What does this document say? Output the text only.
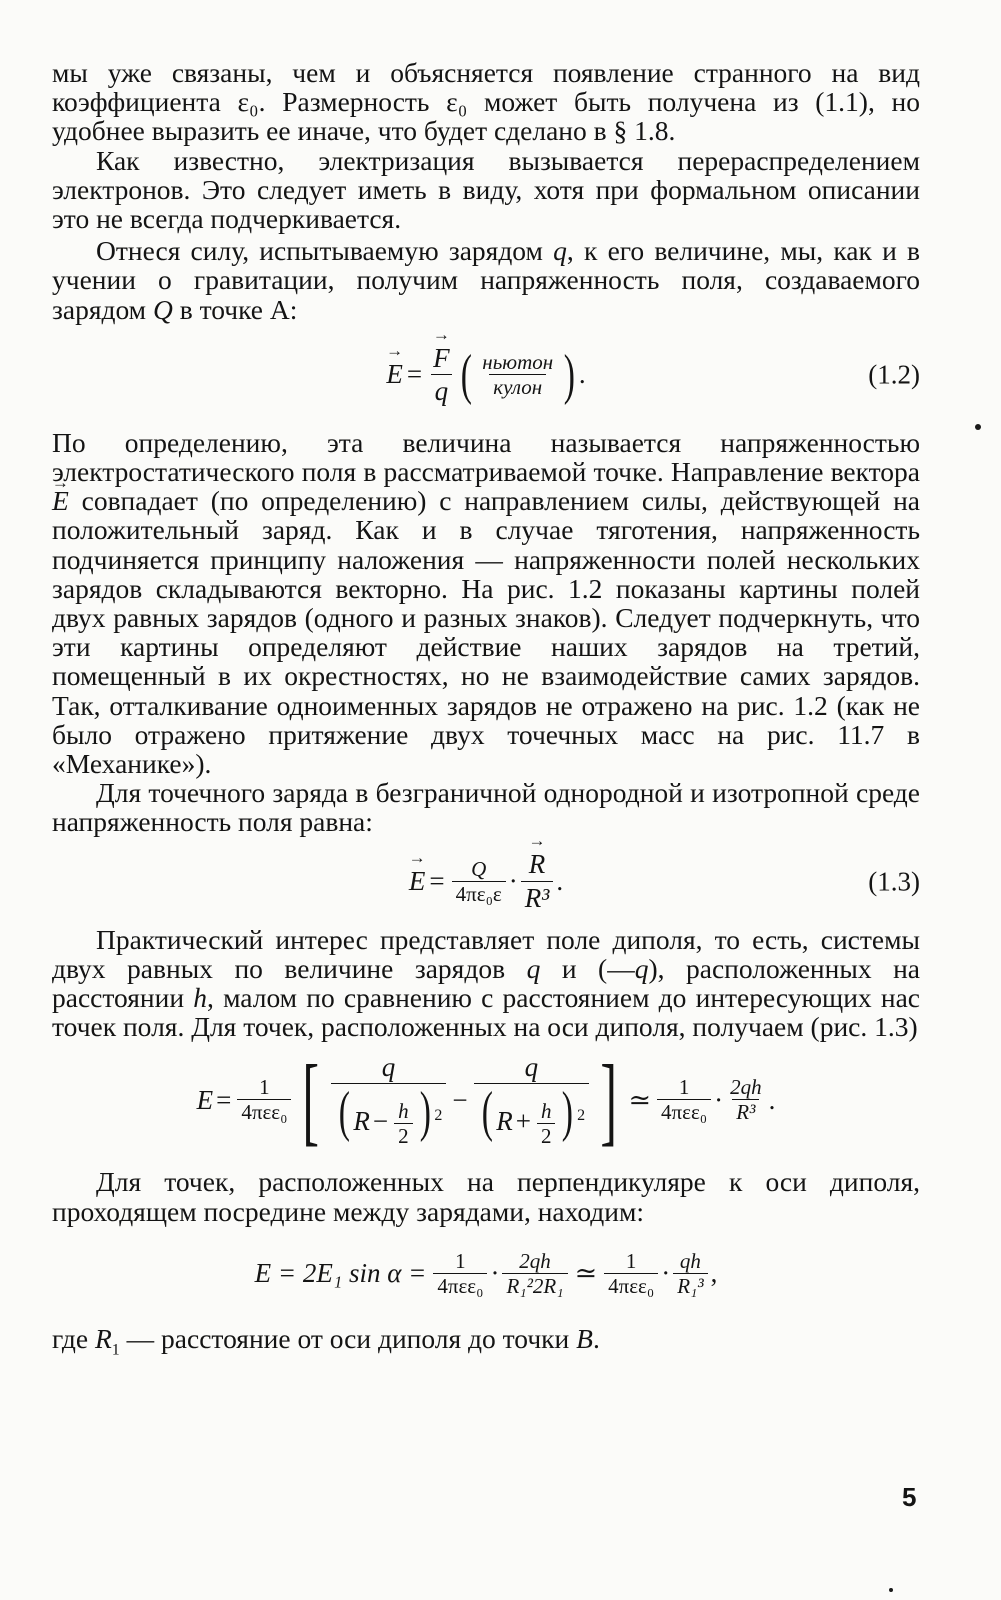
мы уже связаны, чем и объясняется появление странного на вид коэффициента ε₀. Размерность ε₀ может быть получена из (1.1), но удобнее выразить ее иначе, что будет сделано в § 1.8.

Как известно, электризация вызывается перераспределением электронов. Это следует иметь в виду, хотя при формальном описании это не всегда подчеркивается.

Отнеся силу, испытываемую зарядом q, к его величине, мы, как и в учении о гравитации, получим напряженность поля, создаваемого зарядом Q в точке A:

→ E = → $\frac{F}{q}$ ( $\frac{\text{ньютон}}{\text{кулон}}$ ) .	(1.2)

По определению, эта величина называется напряженностью электростатического поля в рассматриваемой точке. Направление вектора → E совпадает (по определению) с направлением силы, действующей на положительный заряд. Как и в случае тяготения, напряженность подчиняется принципу наложения — напряженности полей нескольких зарядов складываются векторно. На рис. 1.2 показаны картины полей двух равных зарядов (одного и разных знаков). Следует подчеркнуть, что эти картины определяют действие наших зарядов на третий, помещенный в их окрестностях, но не взаимодействие самих зарядов. Так, отталкивание одноименных зарядов не отражено на рис. 1.2 (как не было отражено притяжение двух точечных масс на рис. 11.7 в «Механике»).

Для точечного заряда в безграничной однородной и изотропной среде напряженность поля равна:

→ $E = \frac{Q}{\text{4πε₀ε}}$ · → $\frac{R}{\text{R³}}$ .	(1.3)

Практический интерес представляет поле диполя, то есть, системы двух равных по величине зарядов q и (—q), расположенных на расстоянии h, малом по сравнению с расстоянием до интересующих нас точек поля. Для точек, расположенных на оси диполя, получаем (рис. 1.3)

$E = \frac{1}{\text{4πεε₀}}$ [ $\frac{q}{( R - \frac{h}{2} ) ^2} - \frac{q}{( R + \frac{h}{2} ) ^2}$ ] ≃ $\frac{1}{\text{4πεε₀}} \cdot \frac{2qh}{\text{R³}}$ .

Для точек, расположенных на перпендикуляре к оси диполя, проходящем посредине между зарядами, находим:

E = 2E₁ $\sin \alpha = \frac{1}{\text{4πεε₀}} \cdot \frac{2qh}{\text{R₁²2R₁}}$ ≃ $\frac{1}{\text{4πεε₀}} \cdot \frac{qh}{\text{R₁³}}$ ,

где $R_1$ — расстояние от оси диполя до точки B.

5
